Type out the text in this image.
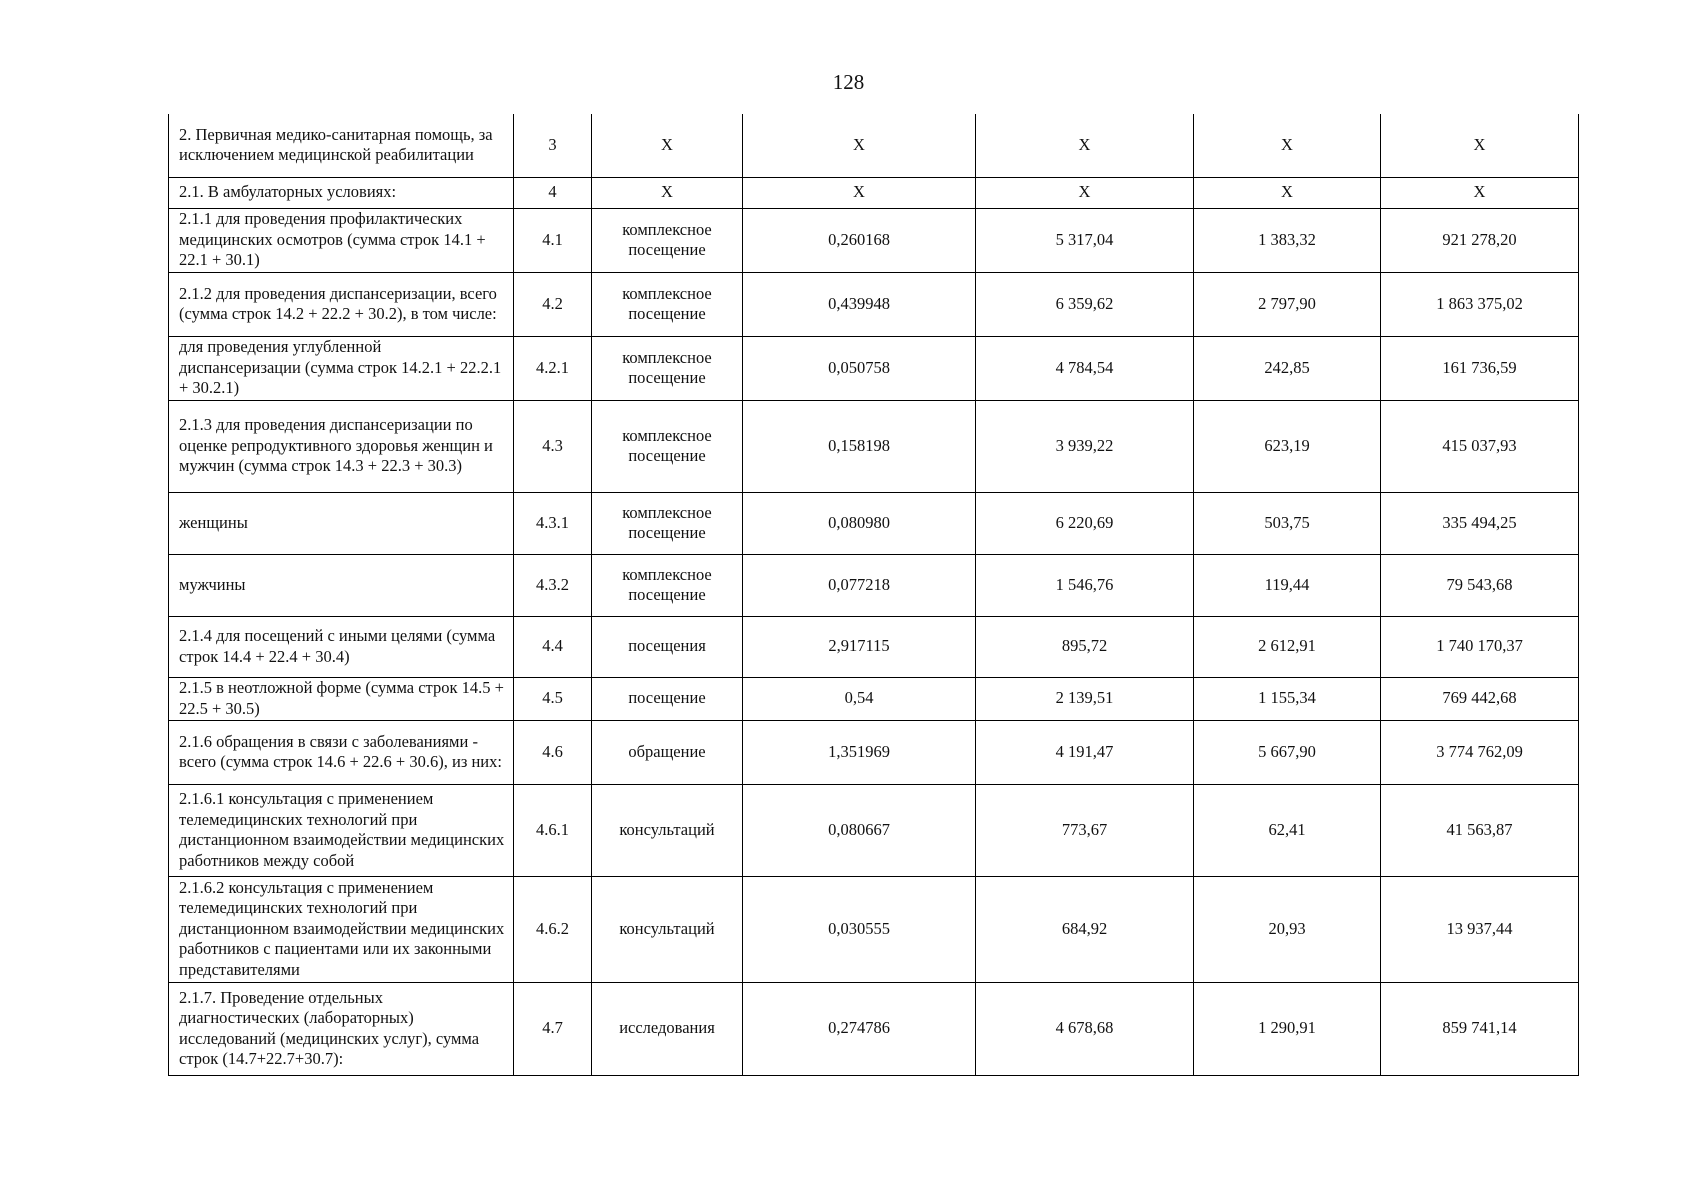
128
2. Первичная медико-санитарная помощь, за исключением медицинской реабилитации	3	X	X	X	X	X
2.1. В амбулаторных условиях:	4	X	X	X	X	X
2.1.1 для проведения профилактических медицинских осмотров (сумма строк 14.1 + 22.1 + 30.1)	4.1	комплексное посещение	0,260168	5 317,04	1 383,32	921 278,20
2.1.2 для проведения диспансеризации, всего (сумма строк 14.2 + 22.2 + 30.2), в том числе:	4.2	комплексное посещение	0,439948	6 359,62	2 797,90	1 863 375,02
для проведения углубленной диспансеризации (сумма строк 14.2.1 + 22.2.1 + 30.2.1)	4.2.1	комплексное посещение	0,050758	4 784,54	242,85	161 736,59
2.1.3 для проведения диспансеризации по оценке репродуктивного здоровья женщин и мужчин (сумма строк 14.3 + 22.3 + 30.3)	4.3	комплексное посещение	0,158198	3 939,22	623,19	415 037,93
женщины	4.3.1	комплексное посещение	0,080980	6 220,69	503,75	335 494,25
мужчины	4.3.2	комплексное посещение	0,077218	1 546,76	119,44	79 543,68
2.1.4 для посещений с иными целями (сумма строк 14.4 + 22.4 + 30.4)	4.4	посещения	2,917115	895,72	2 612,91	1 740 170,37
2.1.5 в неотложной форме (сумма строк 14.5 + 22.5 + 30.5)	4.5	посещение	0,54	2 139,51	1 155,34	769 442,68
2.1.6 обращения в связи с заболеваниями - всего (сумма строк 14.6 + 22.6 + 30.6), из них:	4.6	обращение	1,351969	4 191,47	5 667,90	3 774 762,09
2.1.6.1 консультация с применением телемедицинских технологий при дистанционном взаимодействии медицинских работников между собой	4.6.1	консультаций	0,080667	773,67	62,41	41 563,87
2.1.6.2 консультация с применением телемедицинских технологий при дистанционном взаимодействии медицинских работников с пациентами или их законными представителями	4.6.2	консультаций	0,030555	684,92	20,93	13 937,44
2.1.7. Проведение отдельных диагностических (лабораторных) исследований (медицинских услуг), сумма строк (14.7+22.7+30.7):	4.7	исследования	0,274786	4 678,68	1 290,91	859 741,14
